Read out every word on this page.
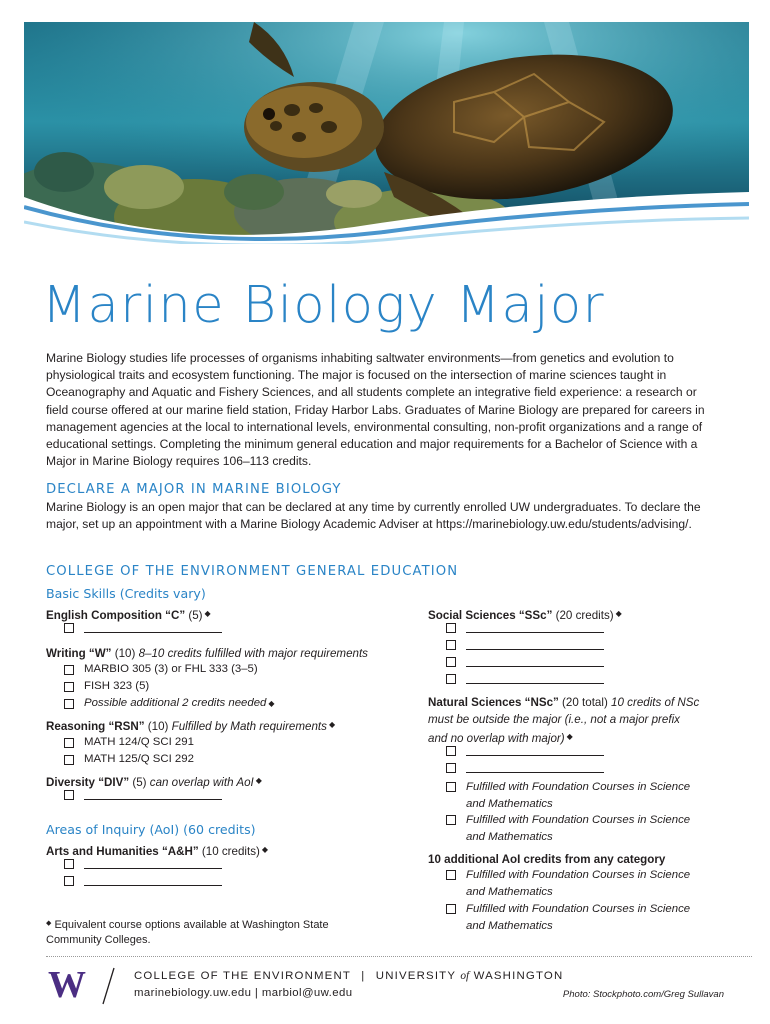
Marine Biology Major

Marine Biology studies life processes of organisms inhabiting saltwater environments—from genetics and evolution to physiological traits and ecosystem functioning. The major is focused on the intersection of marine sciences taught in Oceanography and Aquatic and Fishery Sciences, and all students complete an integrative field experience: a research or field course offered at our marine field station, Friday Harbor Labs. Graduates of Marine Biology are prepared for careers in management agencies at the local to international levels, environmental consulting, non-profit organizations and a range of educational settings. Completing the minimum general education and major requirements for a Bachelor of Science with a Major in Marine Biology requires 106–113 credits.

DECLARE A MAJOR IN MARINE BIOLOGY

Marine Biology is an open major that can be declared at any time by currently enrolled UW undergraduates. To declare the major, set up an appointment with a Marine Biology Academic Adviser at https://marinebiology.uw.edu/students/advising/.

COLLEGE OF THE ENVIRONMENT GENERAL EDUCATION
Basic Skills (Credits vary)
English Composition “C” (5) ◆
Writing “W” (10) 8–10 credits fulfilled with major requirements
MARBIO 305 (3) or FHL 333 (3–5)
FISH 323 (5)
Possible additional 2 credits needed ◆
Reasoning “RSN” (10) Fulfilled by Math requirements ◆
MATH 124/Q SCI 291
MATH 125/Q SCI 292
Diversity “DIV” (5) can overlap with AoI ◆
Areas of Inquiry (AoI) (60 credits)
Arts and Humanities “A&H” (10 credits) ◆
◆ Equivalent course options available at Washington State Community Colleges.
Social Sciences “SSc” (20 credits) ◆
Natural Sciences “NSc” (20 total) 10 credits of NSc
must be outside the major (i.e., not a major prefix
and no overlap with major) ◆
Fulfilled with Foundation Courses in Science and Mathematics
Fulfilled with Foundation Courses in Science and Mathematics
10 additional AoI credits from any category
Fulfilled with Foundation Courses in Science and Mathematics
Fulfilled with Foundation Courses in Science and Mathematics
W	COLLEGE OF THE ENVIRONMENT | UNIVERSITY of WASHINGTON
marinebiology.uw.edu | marbiol@uw.edu	Photo: Stockphoto.com/Greg Sullavan
